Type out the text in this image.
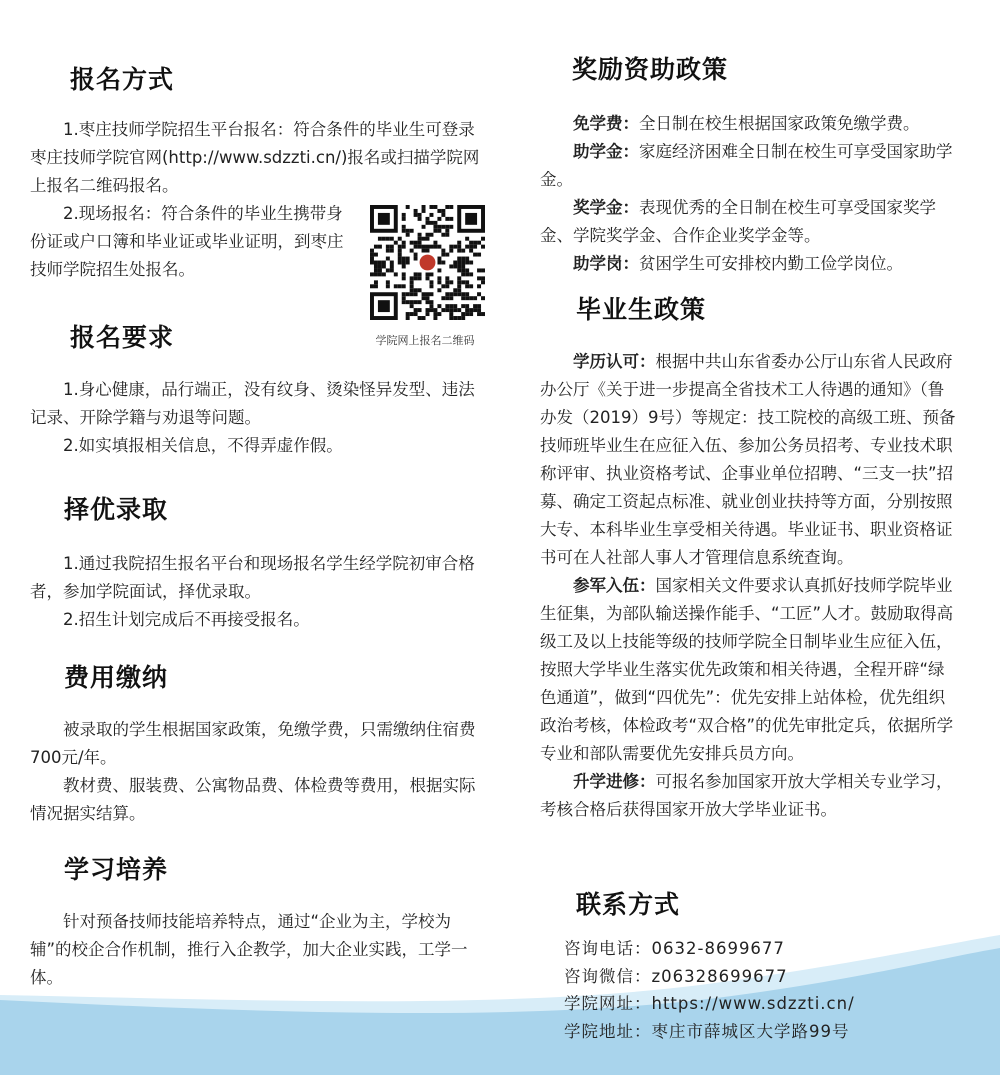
报名方式

1.枣庄技师学院招生平台报名：符合条件的毕业生可登录枣庄技师学院官网(http://www.sdzzti.cn/)报名或扫描学院网上报名二维码报名。

2.现场报名：符合条件的毕业生携带身份证或户口簿和毕业证或毕业证明，到枣庄技师学院招生处报名。

学院网上报名二维码
报名要求

1.身心健康，品行端正，没有纹身、烫染怪异发型、违法记录、开除学籍与劝退等问题。

2.如实填报相关信息，不得弄虚作假。

择优录取

1.通过我院招生报名平台和现场报名学生经学院初审合格者，参加学院面试，择优录取。

2.招生计划完成后不再接受报名。

费用缴纳

被录取的学生根据国家政策，免缴学费，只需缴纳住宿费700元/年。

教材费、服装费、公寓物品费、体检费等费用，根据实际情况据实结算。

学习培养

针对预备技师技能培养特点，通过“企业为主，学校为辅”的校企合作机制，推行入企教学，加大企业实践，工学一体。

奖励资助政策

免学费：全日制在校生根据国家政策免缴学费。

助学金：家庭经济困难全日制在校生可享受国家助学金。

奖学金：表现优秀的全日制在校生可享受国家奖学金、学院奖学金、合作企业奖学金等。

助学岗：贫困学生可安排校内勤工俭学岗位。

毕业生政策

学历认可：根据中共山东省委办公厅山东省人民政府办公厅《关于进一步提高全省技术工人待遇的通知》（鲁办发（2019）9号）等规定：技工院校的高级工班、预备技师班毕业生在应征入伍、参加公务员招考、专业技术职称评审、执业资格考试、企事业单位招聘、“三支一扶”招募、确定工资起点标准、就业创业扶持等方面，分别按照大专、本科毕业生享受相关待遇。毕业证书、职业资格证书可在人社部人事人才管理信息系统查询。

参军入伍：国家相关文件要求认真抓好技师学院毕业生征集，为部队输送操作能手、“工匠”人才。鼓励取得高级工及以上技能等级的技师学院全日制毕业生应征入伍，按照大学毕业生落实优先政策和相关待遇，全程开辟“绿色通道”，做到“四优先”：优先安排上站体检，优先组织政治考核，体检政考“双合格”的优先审批定兵，依据所学专业和部队需要优先安排兵员方向。

升学进修：可报名参加国家开放大学相关专业学习，考核合格后获得国家开放大学毕业证书。

联系方式
咨询电话：0632-8699677
咨询微信：z06328699677
学院网址：https://www.sdzzti.cn/
学院地址：枣庄市薛城区大学路99号
